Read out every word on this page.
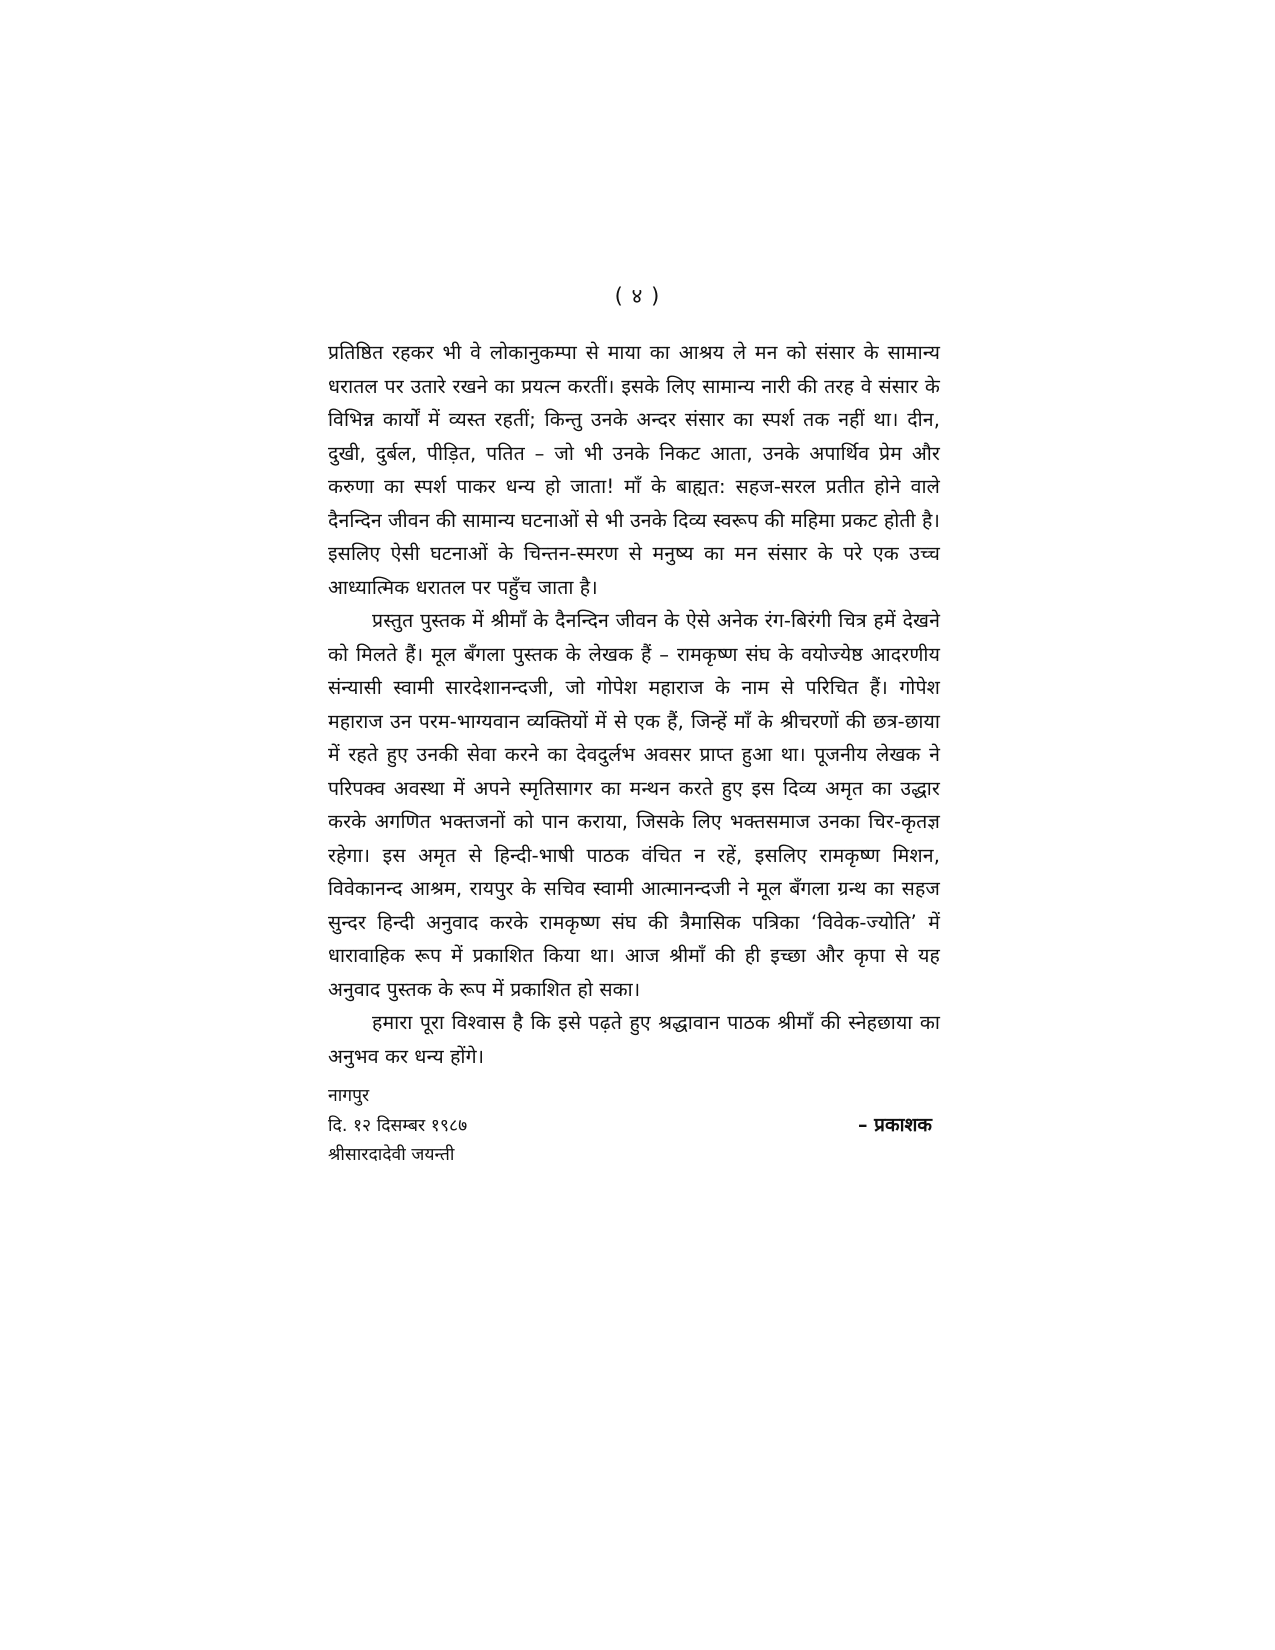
( ४ )

प्रतिष्ठित रहकर भी वे लोकानुकम्पा से माया का आश्रय ले मन को संसार के सामान्य धरातल पर उतारे रखने का प्रयत्न करतीं। इसके लिए सामान्य नारी की तरह वे संसार के विभिन्न कार्यों में व्यस्त रहतीं; किन्तु उनके अन्दर संसार का स्पर्श तक नहीं था। दीन, दुखी, दुर्बल, पीड़ित, पतित – जो भी उनके निकट आता, उनके अपार्थिव प्रेम और करुणा का स्पर्श पाकर धन्य हो जाता! माँ के बाह्यत: सहज-सरल प्रतीत होने वाले दैनन्दिन जीवन की सामान्य घटनाओं से भी उनके दिव्य स्वरूप की महिमा प्रकट होती है। इसलिए ऐसी घटनाओं के चिन्तन-स्मरण से मनुष्य का मन संसार के परे एक उच्च आध्यात्मिक धरातल पर पहुँच जाता है।

प्रस्तुत पुस्तक में श्रीमाँ के दैनन्दिन जीवन के ऐसे अनेक रंग-बिरंगी चित्र हमें देखने को मिलते हैं। मूल बँगला पुस्तक के लेखक हैं – रामकृष्ण संघ के वयोज्येष्ठ आदरणीय संन्यासी स्वामी सारदेशानन्दजी, जो गोपेश महाराज के नाम से परिचित हैं। गोपेश महाराज उन परम-भाग्यवान व्यक्तियों में से एक हैं, जिन्हें माँ के श्रीचरणों की छत्र-छाया में रहते हुए उनकी सेवा करने का देवदुर्लभ अवसर प्राप्त हुआ था। पूजनीय लेखक ने परिपक्व अवस्था में अपने स्मृतिसागर का मन्थन करते हुए इस दिव्य अमृत का उद्धार करके अगणित भक्तजनों को पान कराया, जिसके लिए भक्तसमाज उनका चिर-कृतज्ञ रहेगा। इस अमृत से हिन्दी-भाषी पाठक वंचित न रहें, इसलिए रामकृष्ण मिशन, विवेकानन्द आश्रम, रायपुर के सचिव स्वामी आत्मानन्दजी ने मूल बँगला ग्रन्थ का सहज सुन्दर हिन्दी अनुवाद करके रामकृष्ण संघ की त्रैमासिक पत्रिका ‘विवेक-ज्योति’ में धारावाहिक रूप में प्रकाशित किया था। आज श्रीमाँ की ही इच्छा और कृपा से यह अनुवाद पुस्तक के रूप में प्रकाशित हो सका।

हमारा पूरा विश्वास है कि इसे पढ़ते हुए श्रद्धावान पाठक श्रीमाँ की स्नेहछाया का अनुभव कर धन्य होंगे।

नागपुर
दि. १२ दिसम्बर १९८७	– प्रकाशक
श्रीसारदादेवी जयन्ती
